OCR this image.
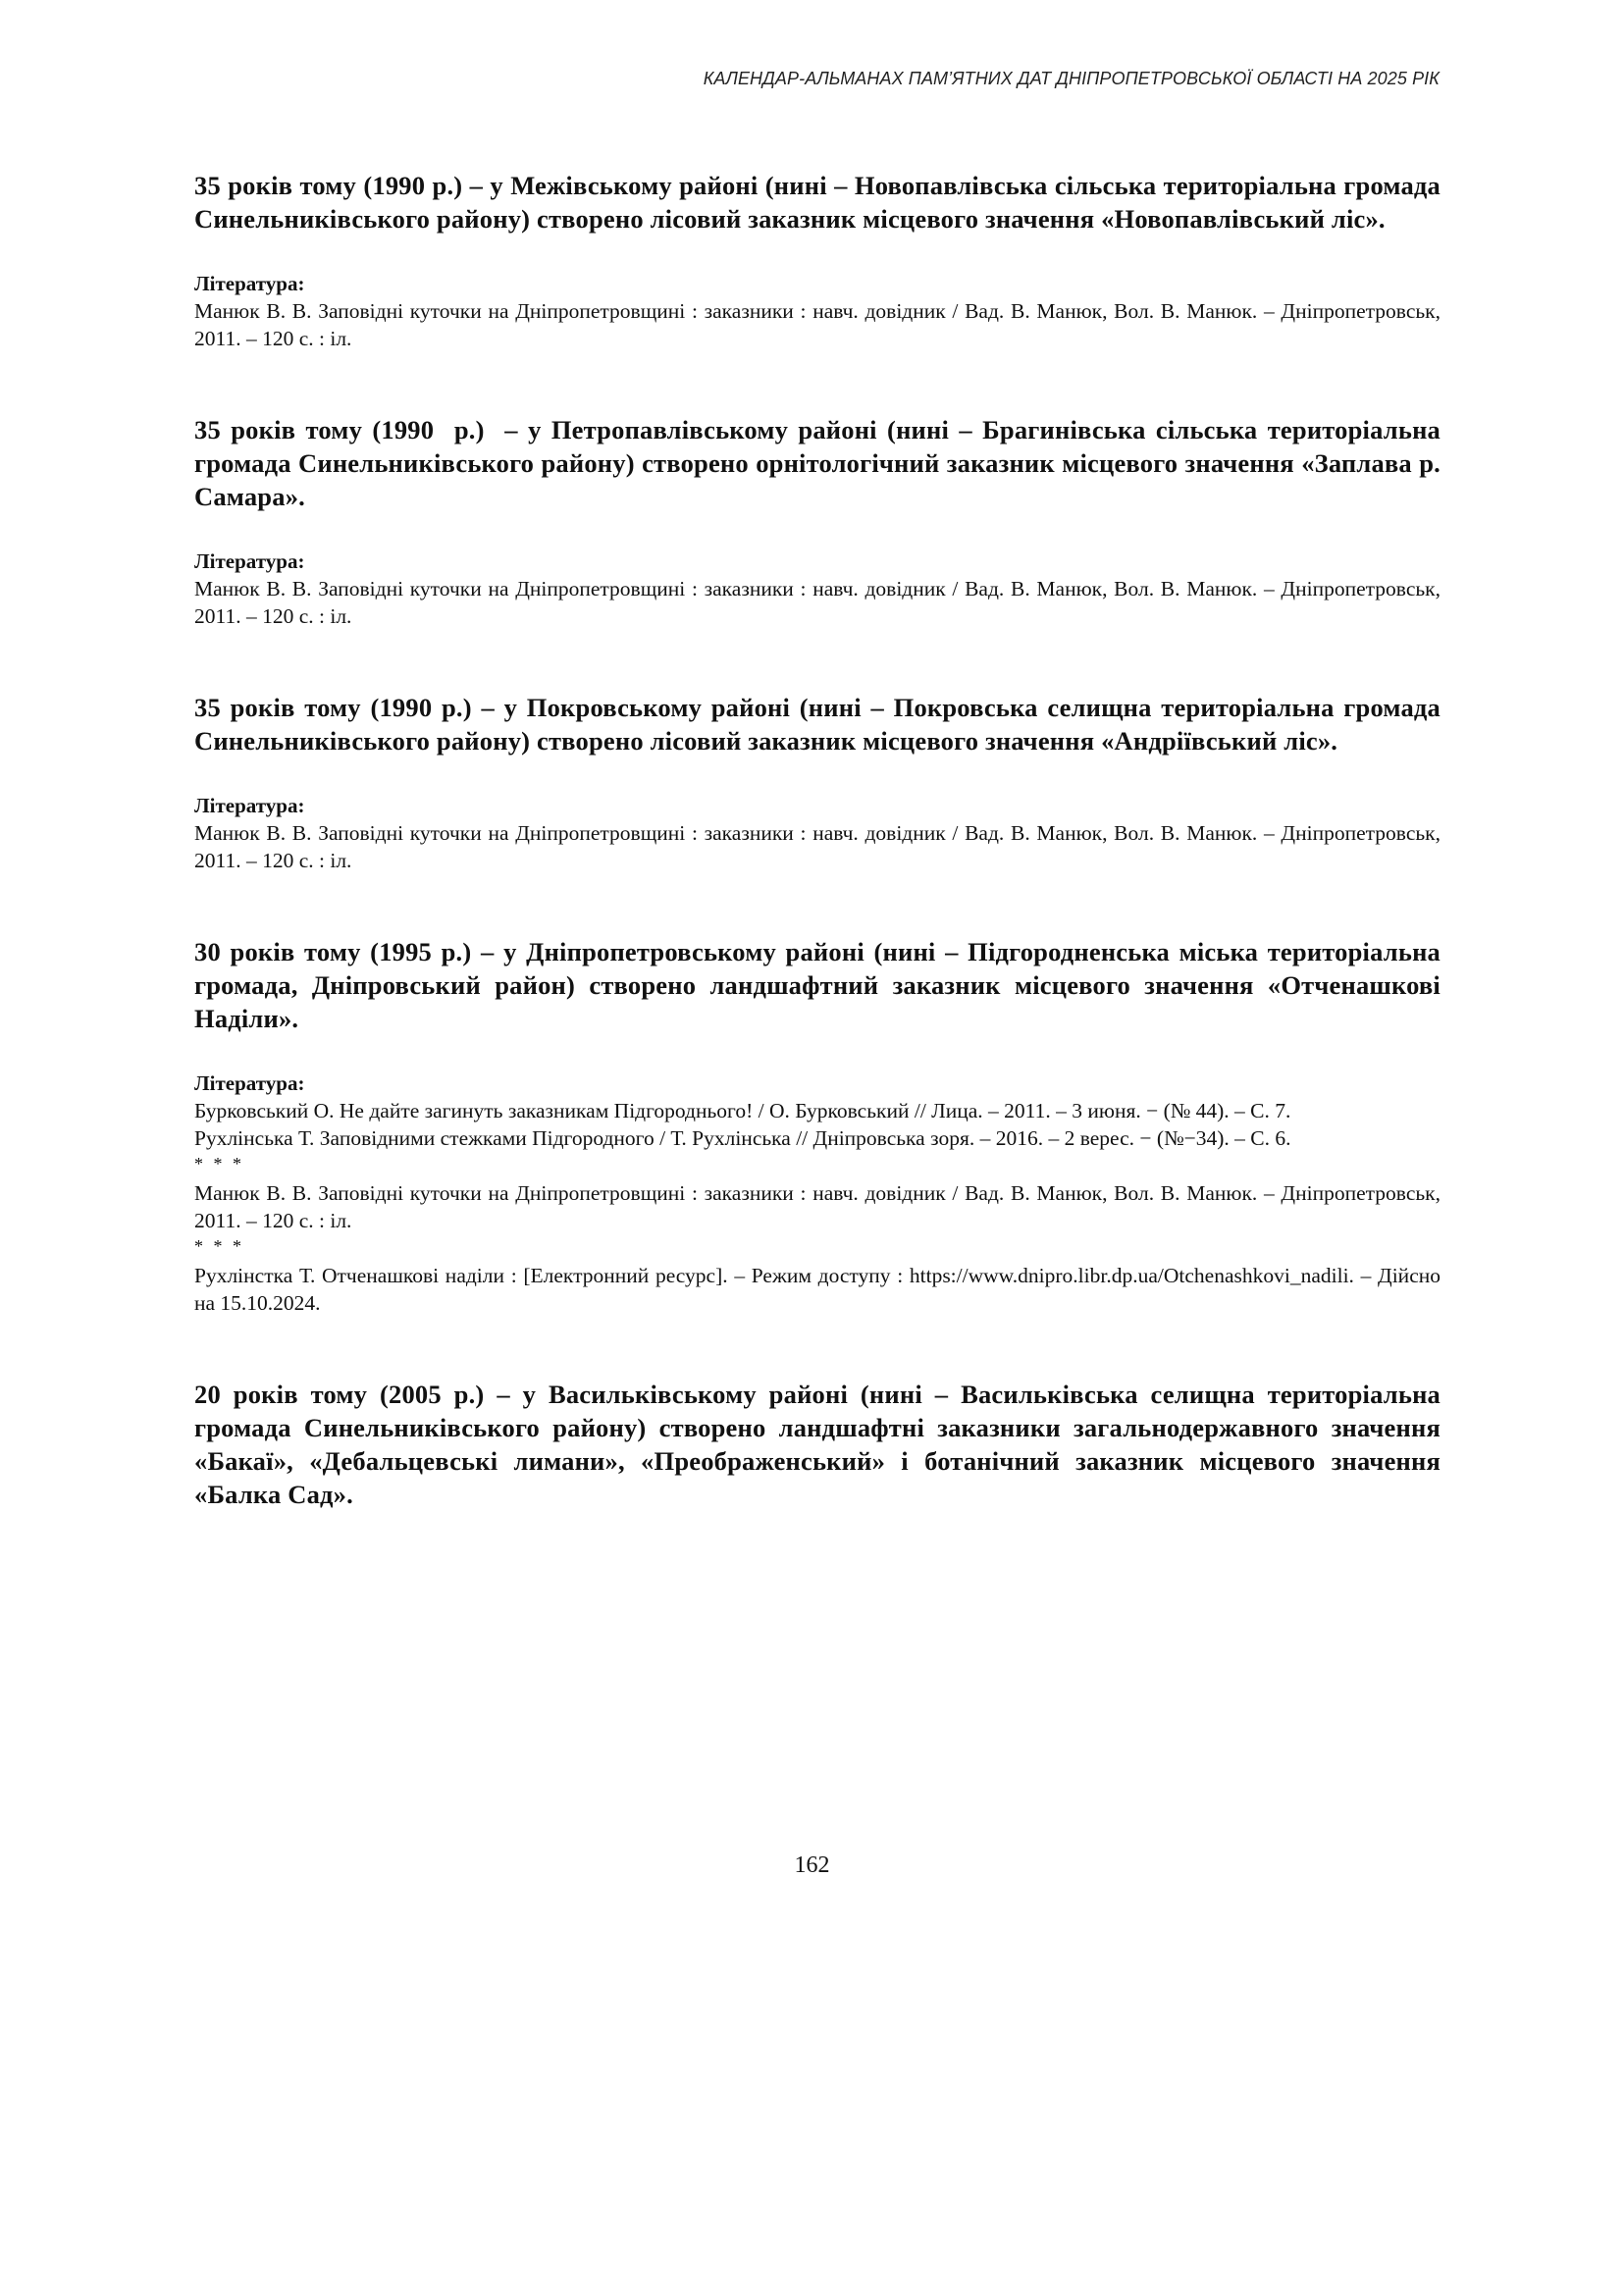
КАЛЕНДАР-АЛЬМАНАХ ПАМ’ЯТНИХ ДАТ ДНІПРОПЕТРОВСЬКОЇ ОБЛАСТІ НА 2025 РІК

35 років тому (1990 р.) – у Межівському районі (нині – Новопавлівська сільська територіальна громада Синельниківського району) створено лісовий заказник місцевого значення «Новопавлівський ліс».

Література:

Манюк В. В. Заповідні куточки на Дніпропетровщині : заказники : навч. довідник / Вад. В. Манюк, Вол. В. Манюк. – Дніпропетровськ, 2011. – 120 с. : іл.

35 років тому (1990  р.)  – у Петропавлівському районі (нині – Брагинівська сільська територіальна громада Синельниківського району) створено орнітологічний заказник місцевого значення «Заплава р. Самара».

Література:

Манюк В. В. Заповідні куточки на Дніпропетровщині : заказники : навч. довідник / Вад. В. Манюк, Вол. В. Манюк. – Дніпропетровськ, 2011. – 120 с. : іл.

35 років тому (1990 р.) – у Покровському районі (нині – Покровська селищна територіальна громада Синельниківського району) створено лісовий заказник місцевого значення «Андріївський ліс».

Література:

Манюк В. В. Заповідні куточки на Дніпропетровщині : заказники : навч. довідник / Вад. В. Манюк, Вол. В. Манюк. – Дніпропетровськ, 2011. – 120 с. : іл.

30 років тому (1995 р.) – у Дніпропетровському районі (нині – Підгородненська міська територіальна громада, Дніпровський район) створено ландшафтний заказник місцевого значення «Отченашкові Наділи».

Література:

Бурковський О. Не дайте загинуть заказникам Підгороднього! / О. Бурковський // Лица. – 2011. – 3 июня. − (№ 44). – С. 7.

Рухлінська Т. Заповідними стежками Підгородного / Т. Рухлінська // Дніпровська зоря. – 2016. – 2 верес. − (№−34). – С. 6.

* * *

Манюк В. В. Заповідні куточки на Дніпропетровщині : заказники : навч. довідник / Вад. В. Манюк, Вол. В. Манюк. – Дніпропетровськ, 2011. – 120 с. : іл.

* * *

Рухлінстка Т. Отченашкові наділи : [Електронний ресурс]. – Режим доступу : https://www.dnipro.libr.dp.ua/Otchenashkovi_nadili. – Дійсно на 15.10.2024.

20 років тому (2005 р.) – у Васильківському районі (нині – Васильківська селищна територіальна громада Синельниківського району) створено ландшафтні заказники загальнодержавного значення «Бакаї», «Дебальцевські лимани», «Преображенський» і ботанічний заказник місцевого значення «Балка Сад».

162
